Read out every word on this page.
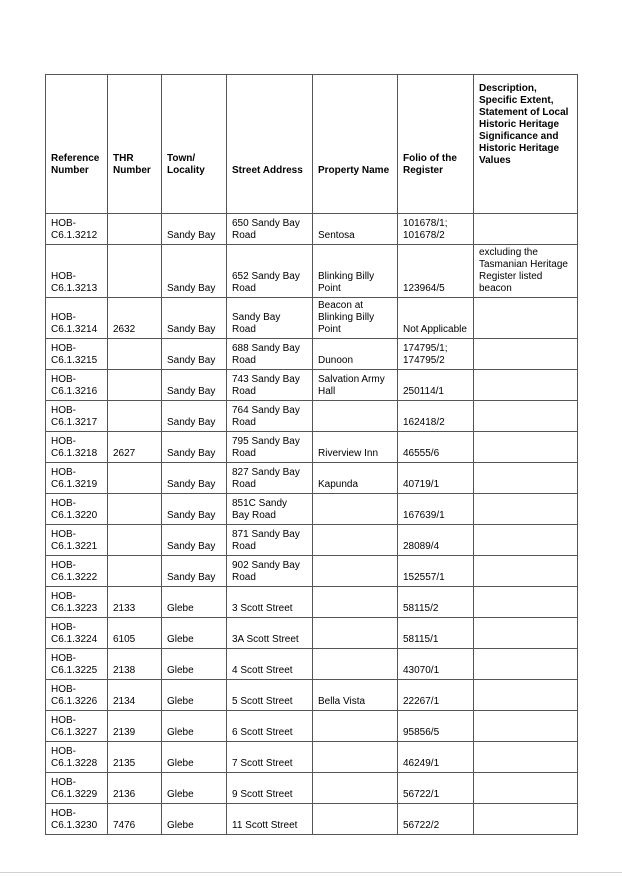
Reference Number	THR Number	Town/ Locality	Street Address	Property Name	Folio of the Register	Description, Specific Extent, Statement of Local Historic Heritage Significance and Historic Heritage Values
HOB-C6.1.3212		Sandy Bay	650 Sandy Bay Road	Sentosa	101678/1; 101678/2	
HOB-C6.1.3213		Sandy Bay	652 Sandy Bay Road	Blinking Billy Point	123964/5	excluding the Tasmanian Heritage Register listed beacon
HOB-C6.1.3214	2632	Sandy Bay	Sandy Bay Road	Beacon at Blinking Billy Point	Not Applicable	
HOB-C6.1.3215		Sandy Bay	688 Sandy Bay Road	Dunoon	174795/1; 174795/2	
HOB-C6.1.3216		Sandy Bay	743 Sandy Bay Road	Salvation Army Hall	250114/1	
HOB-C6.1.3217		Sandy Bay	764 Sandy Bay Road		162418/2	
HOB-C6.1.3218	2627	Sandy Bay	795 Sandy Bay Road	Riverview Inn	46555/6	
HOB-C6.1.3219		Sandy Bay	827 Sandy Bay Road	Kapunda	40719/1	
HOB-C6.1.3220		Sandy Bay	851C Sandy Bay Road		167639/1	
HOB-C6.1.3221		Sandy Bay	871 Sandy Bay Road		28089/4	
HOB-C6.1.3222		Sandy Bay	902 Sandy Bay Road		152557/1	
HOB-C6.1.3223	2133	Glebe	3 Scott Street		58115/2	
HOB-C6.1.3224	6105	Glebe	3A Scott Street		58115/1	
HOB-C6.1.3225	2138	Glebe	4 Scott Street		43070/1	
HOB-C6.1.3226	2134	Glebe	5 Scott Street	Bella Vista	22267/1	
HOB-C6.1.3227	2139	Glebe	6 Scott Street		95856/5	
HOB-C6.1.3228	2135	Glebe	7 Scott Street		46249/1	
HOB-C6.1.3229	2136	Glebe	9 Scott Street		56722/1	
HOB-C6.1.3230	7476	Glebe	11 Scott Street		56722/2	
